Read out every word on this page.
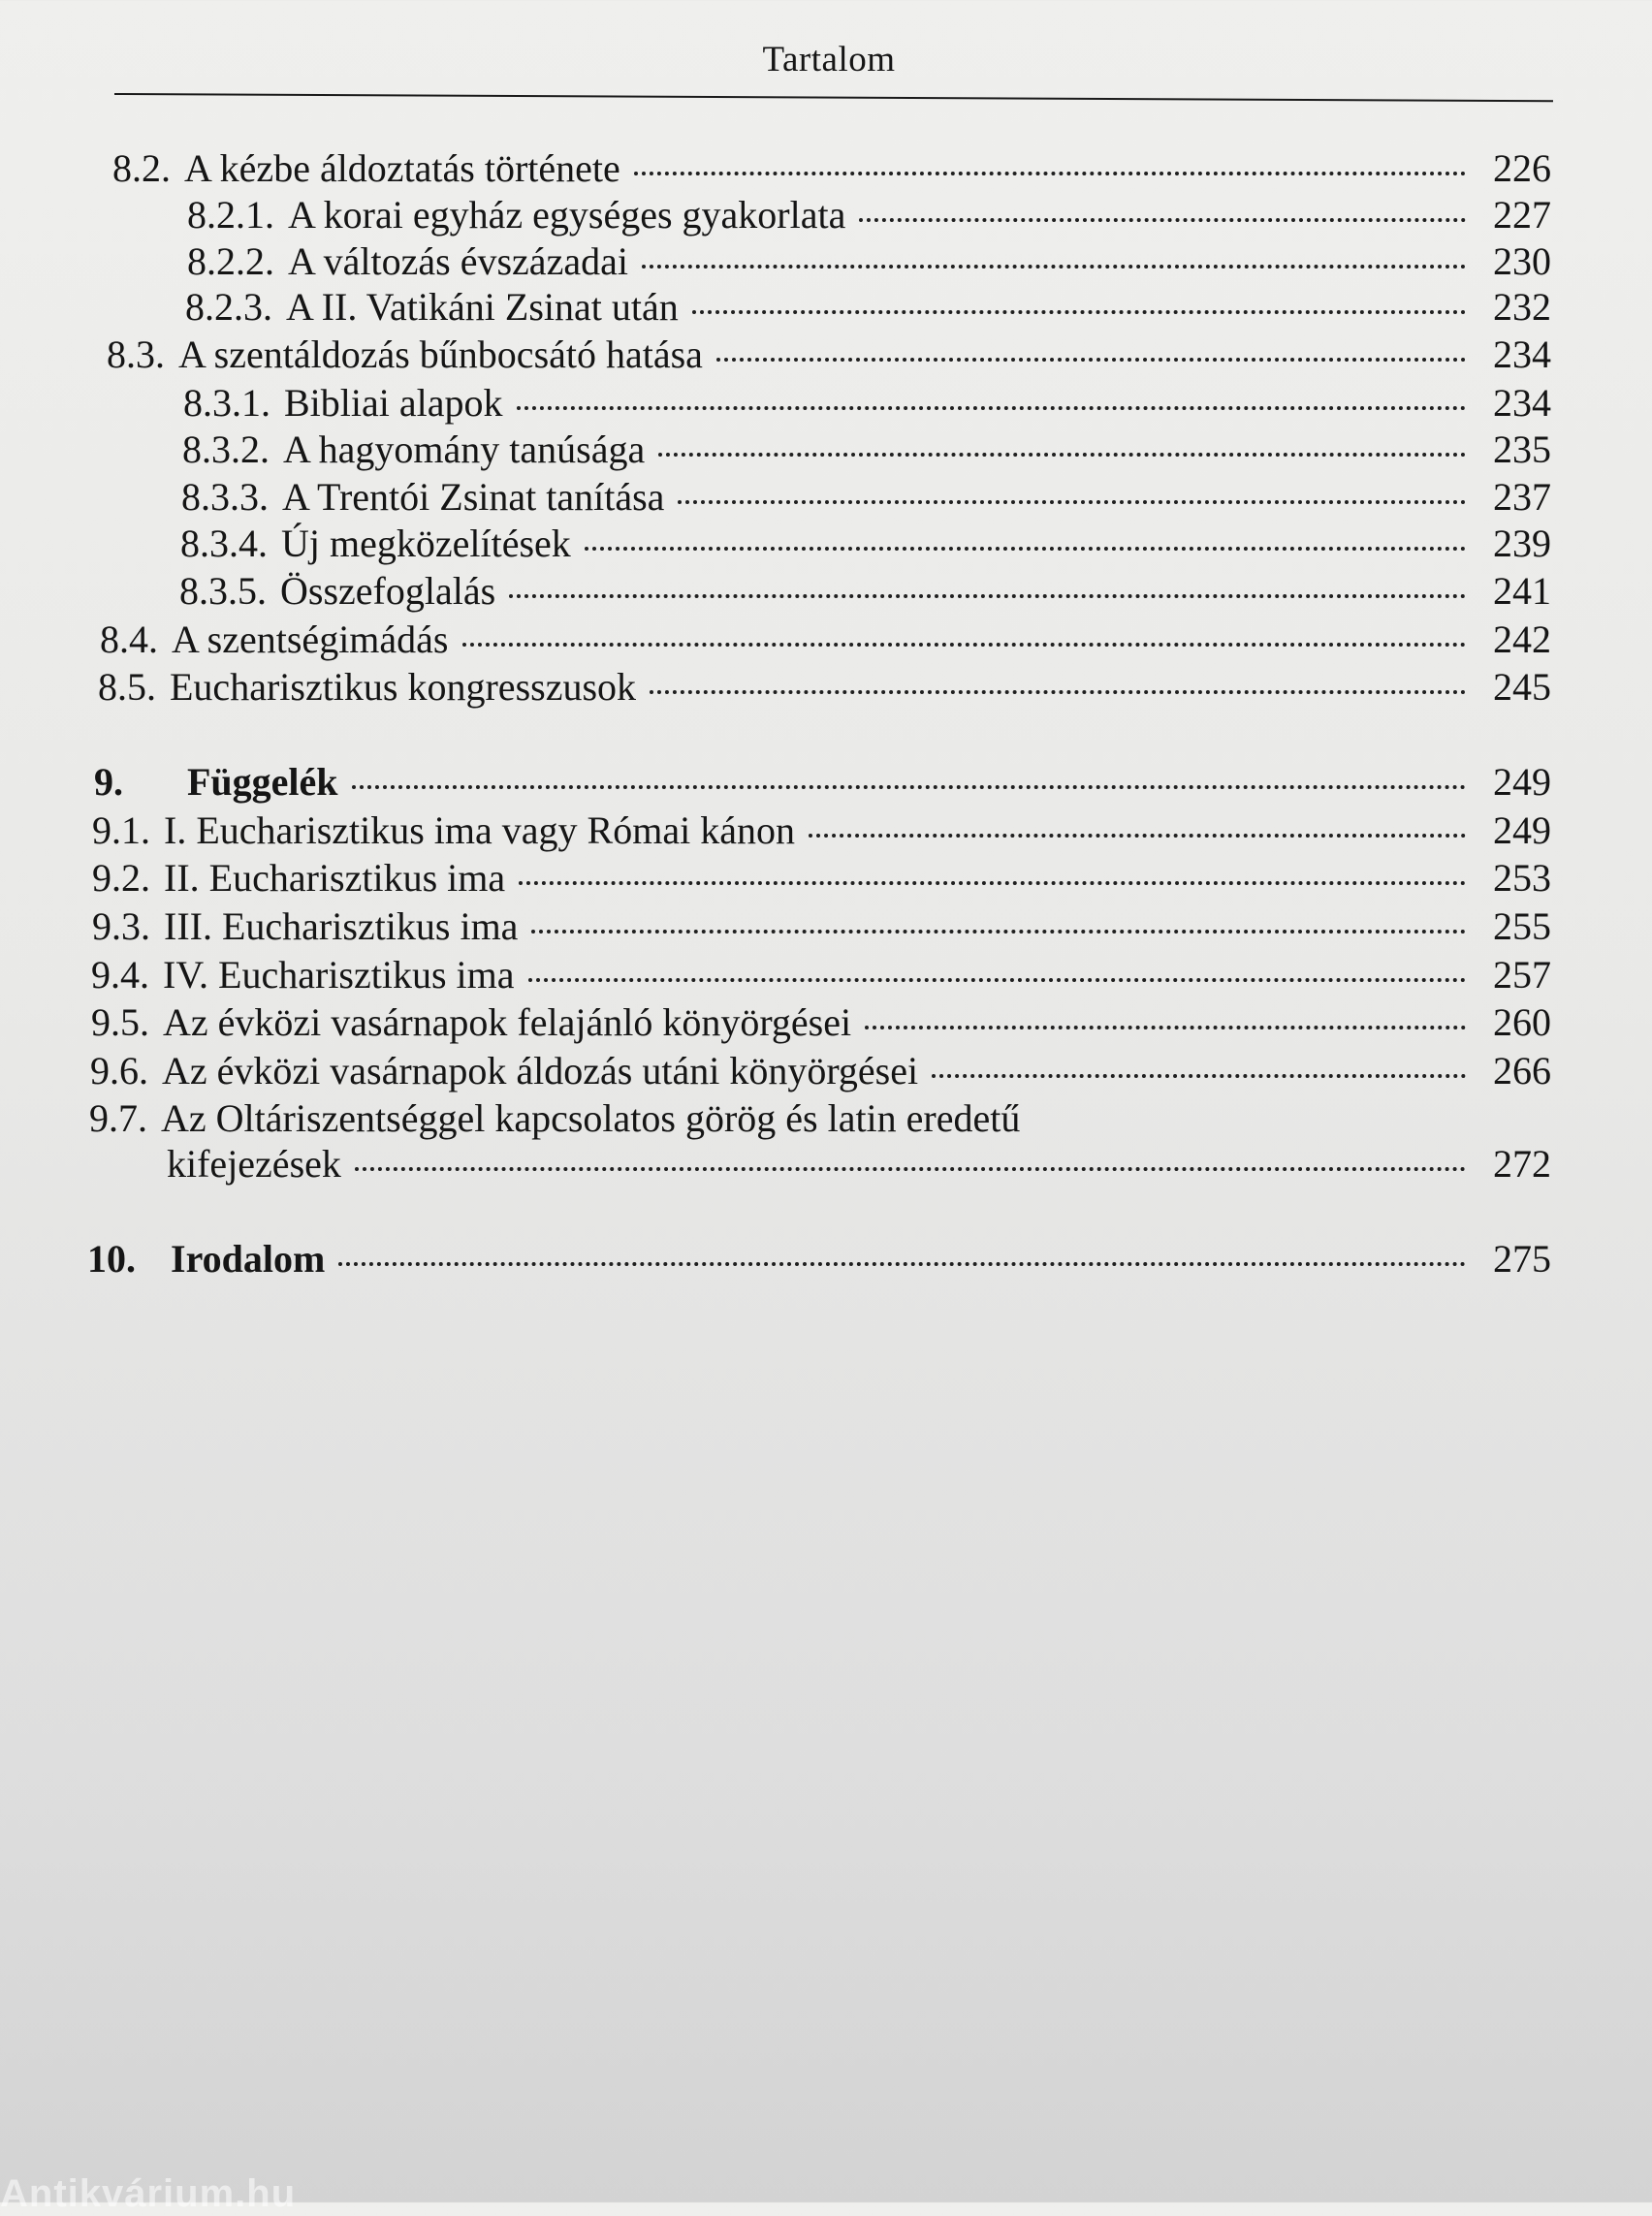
Tartalom
8.2. A kézbe áldoztatás története	226
8.2.1. A korai egyház egységes gyakorlata	227
8.2.2. A változás évszázadai	230
8.2.3. A II. Vatikáni Zsinat után	232
8.3. A szentáldozás bűnbocsátó hatása	234
8.3.1. Bibliai alapok	234
8.3.2. A hagyomány tanúsága	235
8.3.3. A Trentói Zsinat tanítása	237
8.3.4. Új megközelítések	239
8.3.5. Összefoglalás	241
8.4. A szentségimádás	242
8.5. Eucharisztikus kongresszusok	245
9.	Függelék	249
9.1. I. Eucharisztikus ima vagy Római kánon	249
9.2. II. Eucharisztikus ima	253
9.3. III. Eucharisztikus ima	255
9.4. IV. Eucharisztikus ima	257
9.5. Az évközi vasárnapok felajánló könyörgései	260
9.6. Az évközi vasárnapok áldozás utáni könyörgései	266
9.7. Az Oltáriszentséggel kapcsolatos görög és latin eredetű
kifejezések	272
10. Irodalom	275
Antikvárium.hu
